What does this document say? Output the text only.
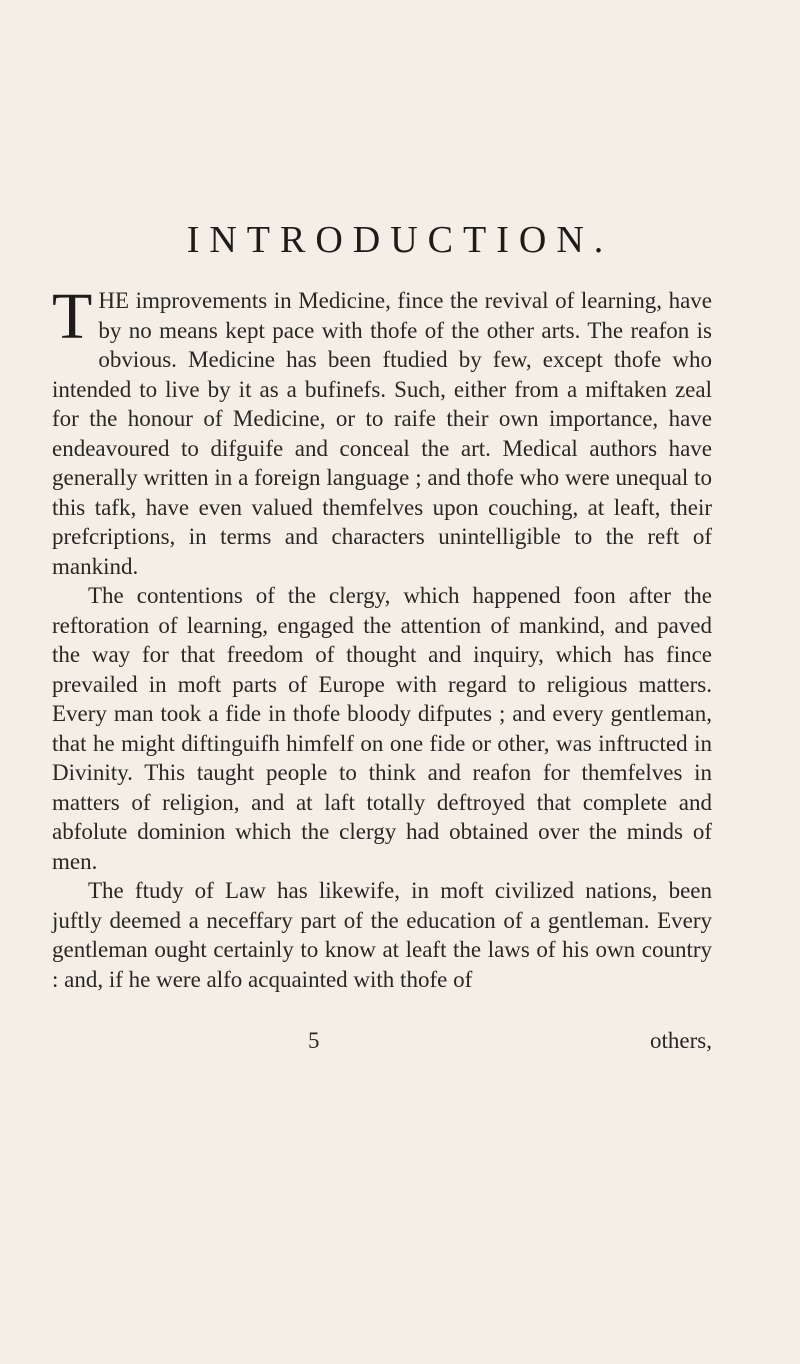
INTRODUCTION.

THE improvements in Medicine, fince the revival of learning, have by no means kept pace with thofe of the other arts. The reafon is obvious. Medicine has been ftudied by few, except thofe who intended to live by it as a bufinefs. Such, either from a miftaken zeal for the honour of Medicine, or to raife their own importance, have endeavoured to difguife and conceal the art. Medical authors have generally written in a foreign language ; and thofe who were unequal to this tafk, have even valued themfelves upon couching, at leaft, their prefcriptions, in terms and characters unintelligible to the reft of mankind.

The contentions of the clergy, which happened foon after the reftoration of learning, engaged the attention of mankind, and paved the way for that freedom of thought and inquiry, which has fince prevailed in moft parts of Europe with regard to religious matters. Every man took a fide in thofe bloody difputes ; and every gentleman, that he might diftinguifh himfelf on one fide or other, was inftructed in Divinity. This taught people to think and reafon for themfelves in matters of religion, and at laft totally deftroyed that complete and abfolute dominion which the clergy had obtained over the minds of men.

The ftudy of Law has likewife, in moft civilized nations, been juftly deemed a neceffary part of the education of a gentleman. Every gentleman ought certainly to know at leaft the laws of his own country : and, if he were alfo acquainted with thofe of

5	others,
